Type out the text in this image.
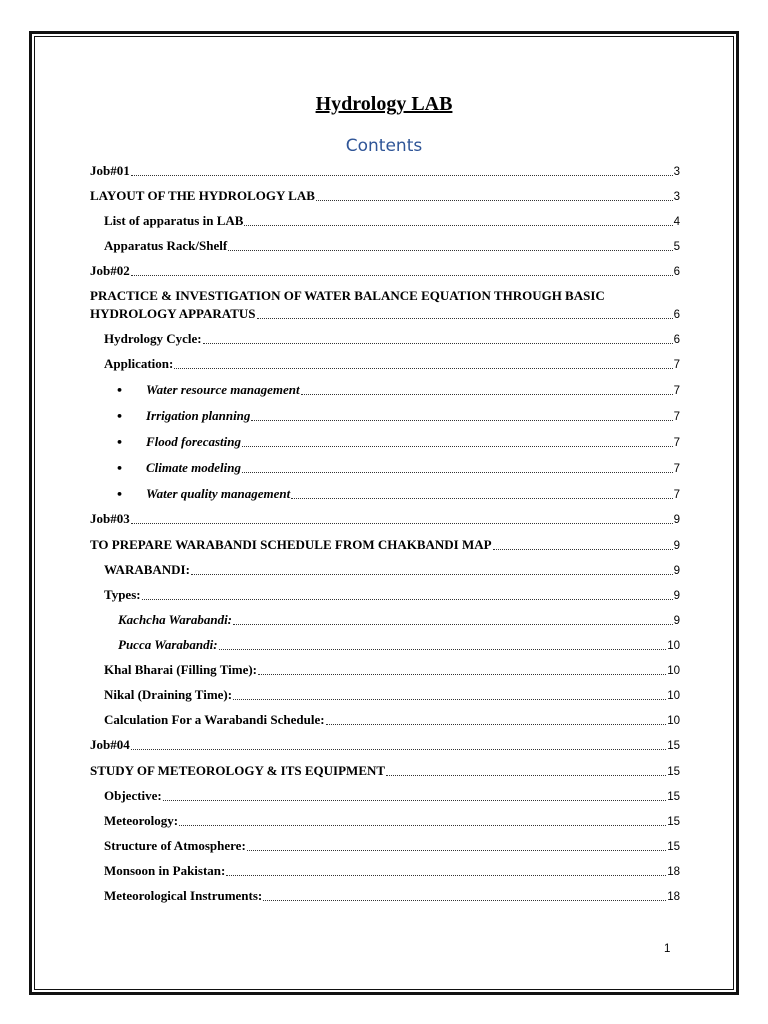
Hydrology LAB
Contents
Job#01	3
LAYOUT OF THE HYDROLOGY LAB	3
List of apparatus in LAB	4
Apparatus Rack/Shelf	5
Job#02	6
PRACTICE & INVESTIGATION OF WATER BALANCE EQUATION THROUGH BASIC
HYDROLOGY APPARATUS	6
Hydrology Cycle:	6
Application:	7
•	Water resource management	7
•	Irrigation planning	7
•	Flood forecasting	7
•	Climate modeling	7
•	Water quality management	7
Job#03	9
TO PREPARE WARABANDI SCHEDULE FROM CHAKBANDI MAP	9
WARABANDI:	9
Types:	9
Kachcha Warabandi:	9
Pucca Warabandi:	10
Khal Bharai (Filling Time):	10
Nikal (Draining Time):	10
Calculation For a Warabandi Schedule:	10
Job#04	15
STUDY OF METEOROLOGY & ITS EQUIPMENT	15
Objective:	15
Meteorology:	15
Structure of Atmosphere:	15
Monsoon in Pakistan:	18
Meteorological Instruments:	18
1
